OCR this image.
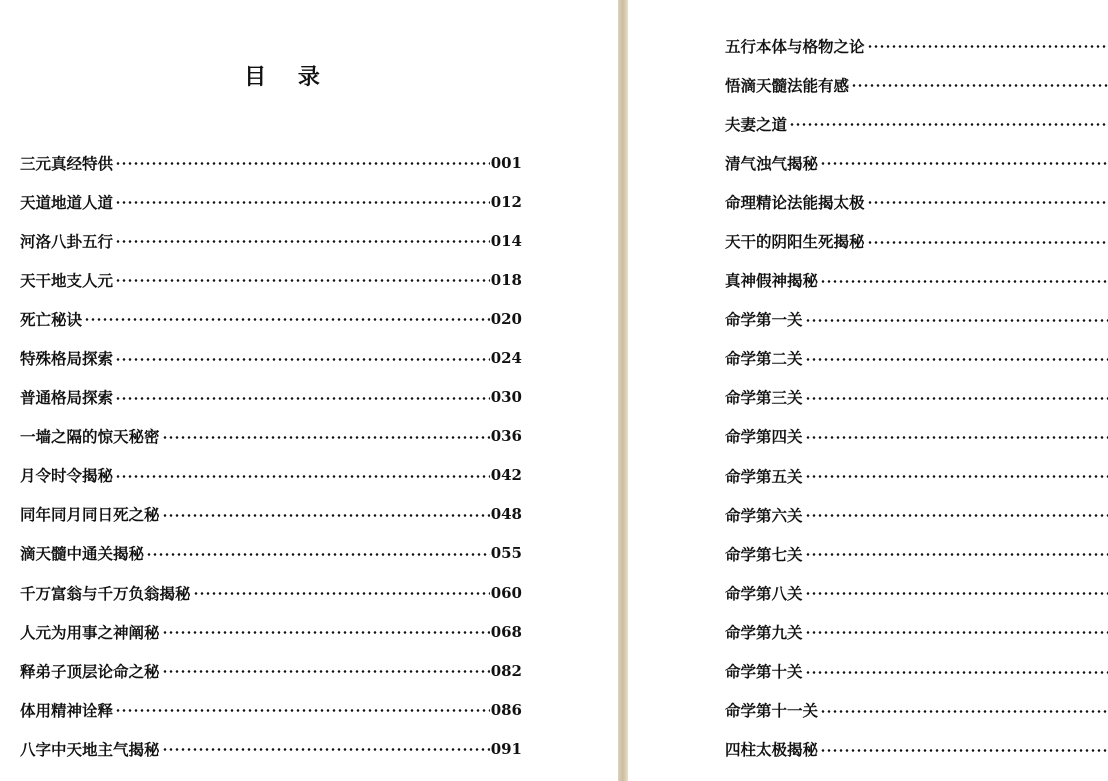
目 录
三元真经特供	001
天道地道人道	012
河洛八卦五行	014
天干地支人元	018
死亡秘诀	020
特殊格局探索	024
普通格局探索	030
一墙之隔的惊天秘密	036
月令时令揭秘	042
同年同月同日死之秘	048
滴天髓中通关揭秘	055
千万富翁与千万负翁揭秘	060
人元为用事之神阐秘	068
释弟子顶层论命之秘	082
体用精神诠释	086
八字中天地主气揭秘	091
五行本体与格物之论
悟滴天髓法能有感
夫妻之道
清气浊气揭秘
命理精论法能揭太极
天干的阴阳生死揭秘
真神假神揭秘
命学第一关
命学第二关
命学第三关
命学第四关
命学第五关
命学第六关
命学第七关
命学第八关
命学第九关
命学第十关
命学第十一关
四柱太极揭秘
